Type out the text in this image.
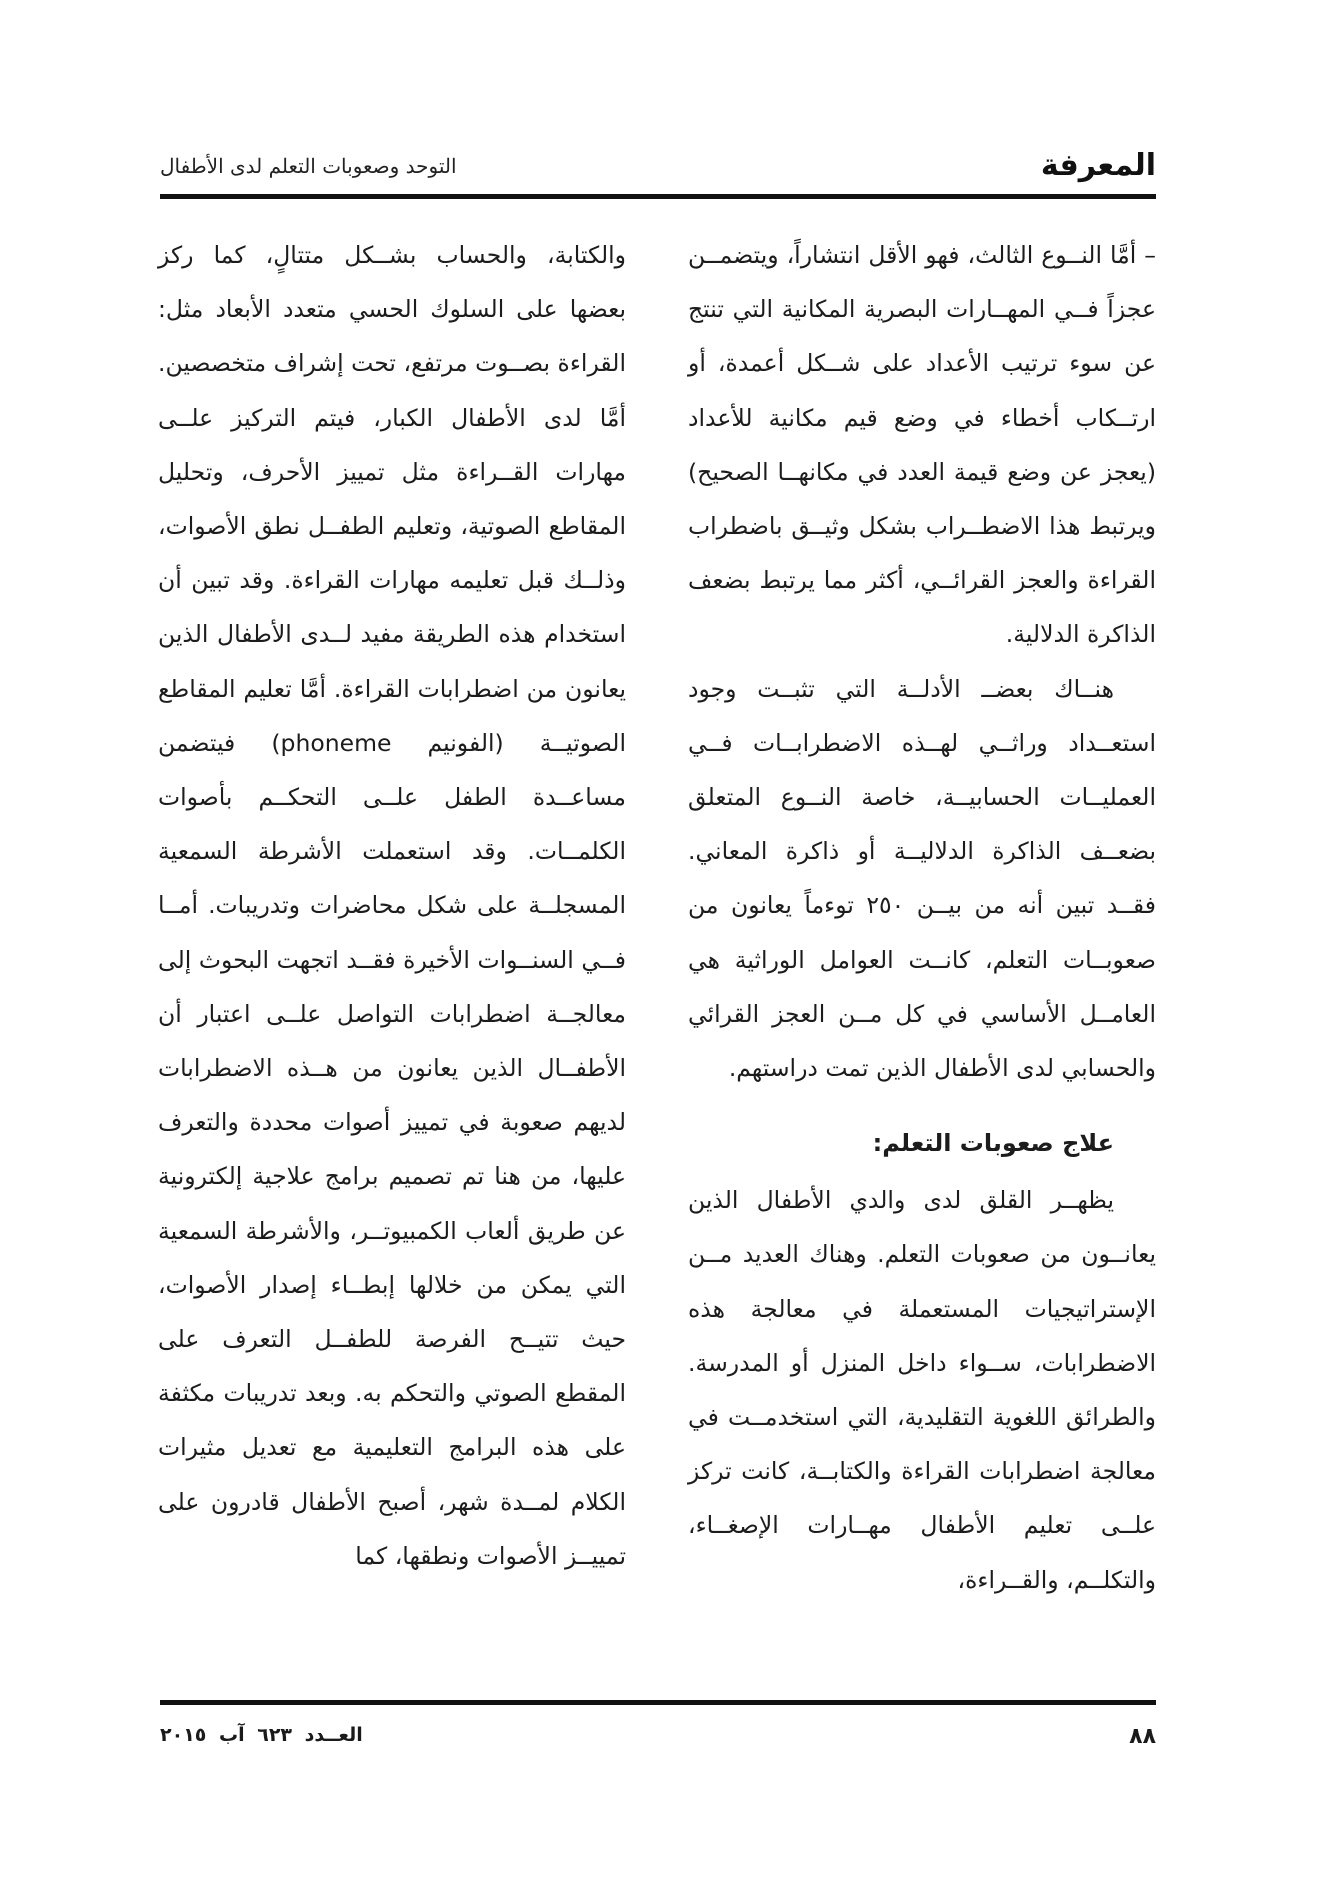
المعرفة
التوحد وصعوبات التعلم لدى الأطفال

– أمَّا النــوع الثالث، فهو الأقل انتشاراً، ويتضمــن عجزاً فــي المهــارات البصرية المكانية التي تنتج عن سوء ترتيب الأعداد على شــكل أعمدة، أو ارتــكاب أخطاء في وضع قيم مكانية للأعداد (يعجز عن وضع قيمة العدد في مكانهــا الصحيح) ويرتبط هذا الاضطــراب بشكل وثيــق باضطراب القراءة والعجز القرائــي، أكثر مما يرتبط بضعف الذاكرة الدلالية.

هنــاك بعضــ الأدلــة التي تثبــت وجود استعــداد وراثــي لهــذه الاضطرابــات فــي العمليــات الحسابيــة، خاصة النــوع المتعلق بضعــف الذاكرة الدلاليــة أو ذاكرة المعاني. فقــد تبين أنه من بيــن ٢٥٠ توءماً يعانون من صعوبــات التعلم، كانــت العوامل الوراثية هي العامــل الأساسي في كل مــن العجز القرائي والحسابي لدى الأطفال الذين تمت دراستهم.

علاج صعوبات التعلم:

يظهــر القلق لدى والدي الأطفال الذين يعانــون من صعوبات التعلم. وهناك العديد مــن الإستراتيجيات المستعملة في معالجة هذه الاضطرابات، ســواء داخل المنزل أو المدرسة. والطرائق اللغوية التقليدية، التي استخدمــت في معالجة اضطرابات القراءة والكتابــة، كانت تركز علــى تعليم الأطفال مهــارات الإصغــاء، والتكلــم، والقــراءة،

والكتابة، والحساب بشــكل متتالٍ، كما ركز بعضها على السلوك الحسي متعدد الأبعاد مثل: القراءة بصــوت مرتفع، تحت إشراف متخصصين. أمَّا لدى الأطفال الكبار، فيتم التركيز علــى مهارات القــراءة مثل تمييز الأحرف، وتحليل المقاطع الصوتية، وتعليم الطفــل نطق الأصوات، وذلــك قبل تعليمه مهارات القراءة. وقد تبين أن استخدام هذه الطريقة مفيد لــدى الأطفال الذين يعانون من اضطرابات القراءة. أمَّا تعليم المقاطع الصوتيــة (الفونيم phoneme) فيتضمن مساعــدة الطفل علــى التحكــم بأصوات الكلمــات. وقد استعملت الأشرطة السمعية المسجلــة على شكل محاضرات وتدريبات. أمــا فــي السنــوات الأخيرة فقــد اتجهت البحوث إلى معالجــة اضطرابات التواصل علــى اعتبار أن الأطفــال الذين يعانون من هــذه الاضطرابات لديهم صعوبة في تمييز أصوات محددة والتعرف عليها، من هنا تم تصميم برامج علاجية إلكترونية عن طريق ألعاب الكمبيوتــر، والأشرطة السمعية التي يمكن من خلالها إبطــاء إصدار الأصوات، حيث تتيــح الفرصة للطفــل التعرف على المقطع الصوتي والتحكم به. وبعد تدريبات مكثفة على هذه البرامج التعليمية مع تعديل مثيرات الكلام لمــدة شهر، أصبح الأطفال قادرون على تمييــز الأصوات ونطقها، كما

٨٨
العــدد ٦٢٣ آب ٢٠١٥
